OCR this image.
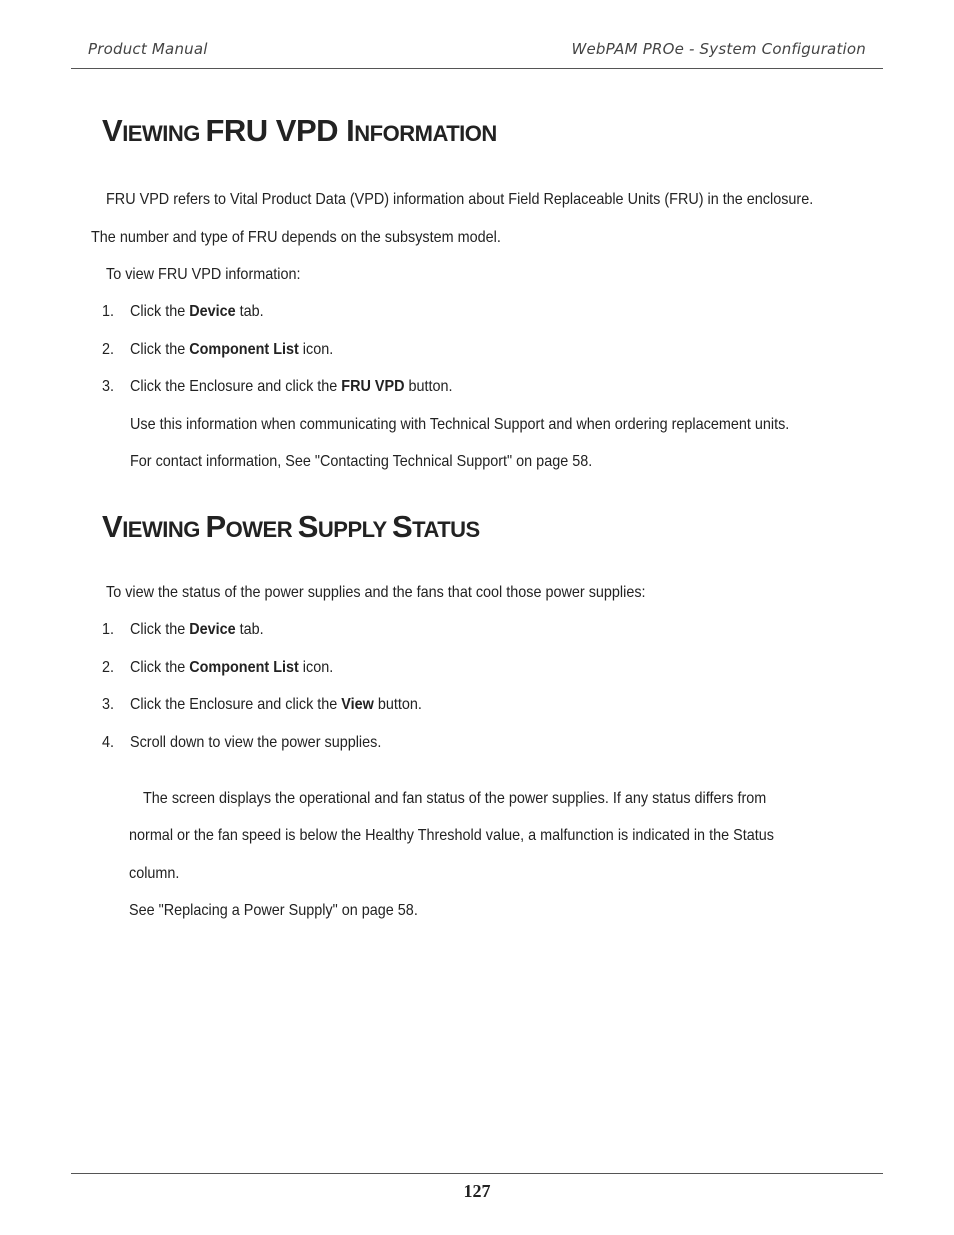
Product Manual	WebPAM PROe - System Configuration
VIEWING FRU VPD INFORMATION
FRU VPD refers to Vital Product Data (VPD) information about Field Replaceable Units (FRU) in the enclosure.
The number and type of FRU depends on the subsystem model.
To view FRU VPD information:
1. Click the Device tab.
2. Click the Component List icon.
3. Click the Enclosure and click the FRU VPD button.
Use this information when communicating with Technical Support and when ordering replacement units.
For contact information, See "Contacting Technical Support" on page 58.
VIEWING POWER SUPPLY STATUS
To view the status of the power supplies and the fans that cool those power supplies:
1. Click the Device tab.
2. Click the Component List icon.
3. Click the Enclosure and click the View button.
4. Scroll down to view the power supplies.
The screen displays the operational and fan status of the power supplies. If any status differs from
normal or the fan speed is below the Healthy Threshold value, a malfunction is indicated in the Status
column.
See "Replacing a Power Supply" on page 58.
127
